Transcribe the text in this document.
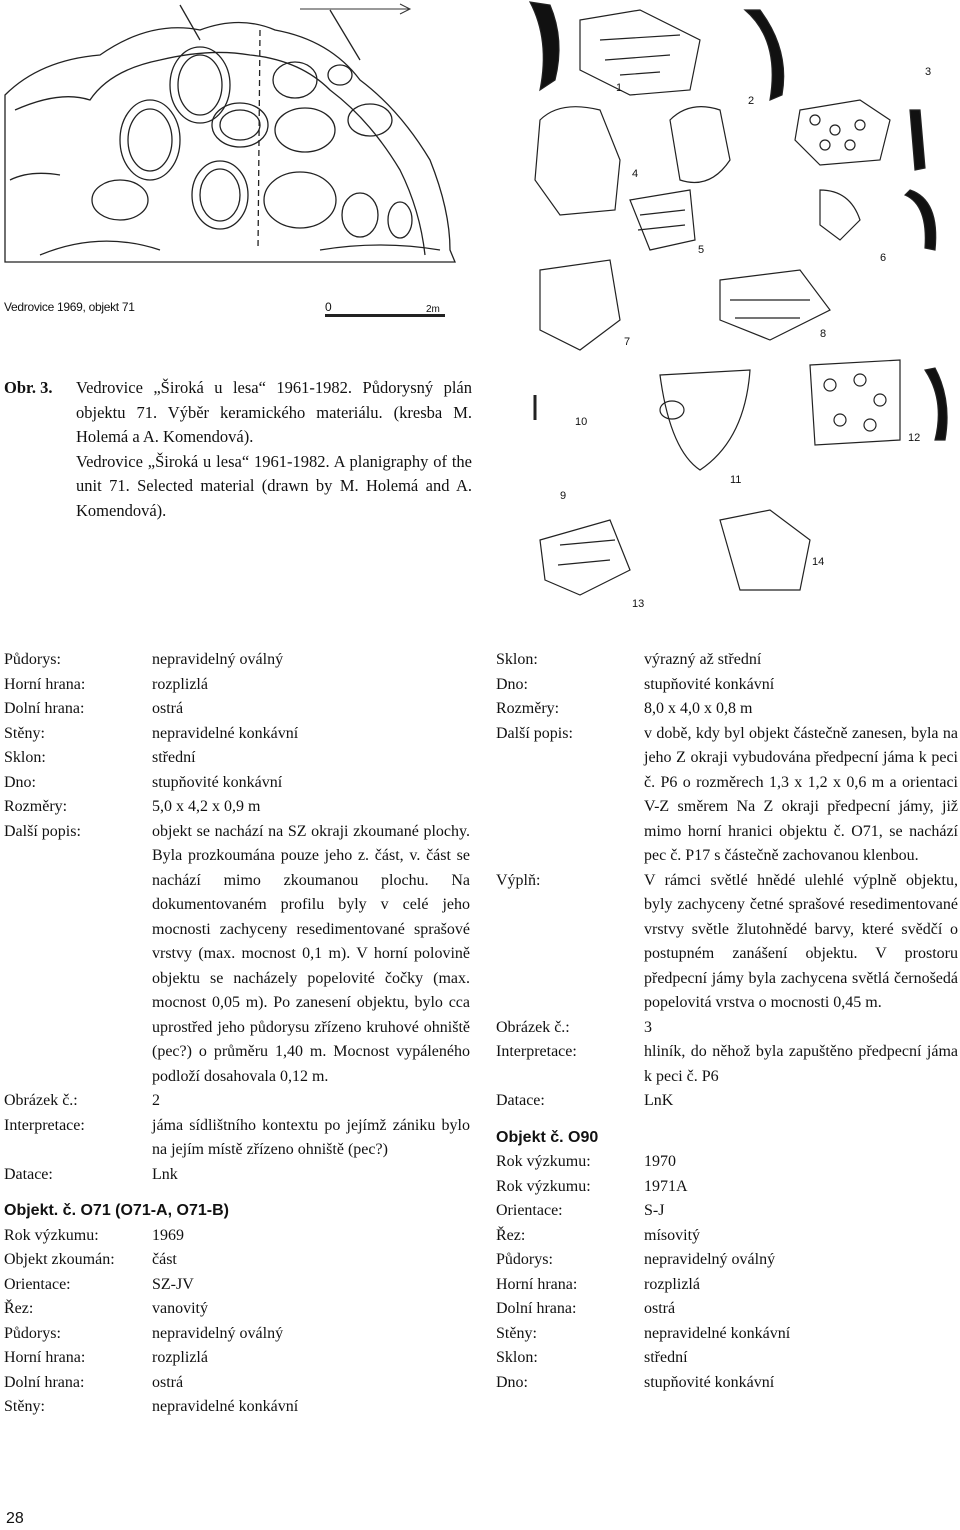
Vedrovice 1969, objekt 71	0	2m
1
2
3
4
5
6
7
8
9
10
11
12
13
14

Obr. 3.	Vedrovice „Široká u lesa“ 1961-1982. Půdorysný plán objektu 71. Výběr keramického materiálu. (kresba M. Holemá a A. Komendová).
Vedrovice „Široká u lesa“ 1961-1982. A planigraphy of the unit 71. Selected material (drawn by M. Holemá and A. Komendová).

Půdorys:	nepravidelný oválný
Horní hrana:	rozplizlá
Dolní hrana:	ostrá
Stěny:	nepravidelné konkávní
Sklon:	střední
Dno:	stupňovité konkávní
Rozměry:	5,0 x 4,2 x 0,9 m
Další popis:	objekt se nachází na SZ okraji zkoumané plochy. Byla prozkoumána pouze jeho z. část, v. část se nachází mimo zkoumanou plochu. Na dokumentovaném profilu byly v celé jeho mocnosti zachyceny resedimentované sprašové vrstvy (max. mocnost 0,1 m). V horní polovině objektu se nacházely popelovité čočky (max. mocnost 0,05 m). Po zanesení objektu, bylo cca uprostřed jeho půdorysu zřízeno kruhové ohniště (pec?) o průměru 1,40 m. Mocnost vypáleného podloží dosahovala 0,12 m.
Obrázek č.:	2
Interpretace:	jáma sídlištního kontextu po jejímž zániku bylo na jejím místě zřízeno ohniště (pec?)
Datace:	Lnk
Objekt. č. O71 (O71-A, O71-B)
Rok výzkumu:	1969
Objekt zkoumán:	část
Orientace:	SZ-JV
Řez:	vanovitý
Půdorys:	nepravidelný oválný
Horní hrana:	rozplizlá
Dolní hrana:	ostrá
Stěny:	nepravidelné konkávní
Sklon:	výrazný až střední
Dno:	stupňovité konkávní
Rozměry:	8,0 x 4,0 x 0,8 m
Další popis:	v době, kdy byl objekt částečně zanesen, byla na jeho Z okraji vybudována předpecní jáma k peci č. P6 o rozměrech 1,3 x 1,2 x 0,6 m a orientaci V-Z směrem Na Z okraji předpecní jámy, již mimo horní hranici objektu č. O71, se nachází pec č. P17 s částečně zachovanou klenbou.
Výplň:	V rámci světlé hnědé ulehlé výplně objektu, byly zachyceny četné sprašové resedimentované vrstvy světle žlutohnědé barvy, které svědčí o postupném zanášení objektu. V prostoru předpecní jámy byla zachycena světlá černošedá popelovitá vrstva o mocnosti 0,45 m.
Obrázek č.:	3
Interpretace:	hliník, do něhož byla zapuštěno předpecní jáma k peci č. P6
Datace:	LnK
Objekt č. O90
Rok výzkumu:	1970
Rok výzkumu:	1971A
Orientace:	S-J
Řez:	mísovitý
Půdorys:	nepravidelný oválný
Horní hrana:	rozplizlá
Dolní hrana:	ostrá
Stěny:	nepravidelné konkávní
Sklon:	střední
Dno:	stupňovité konkávní
28
